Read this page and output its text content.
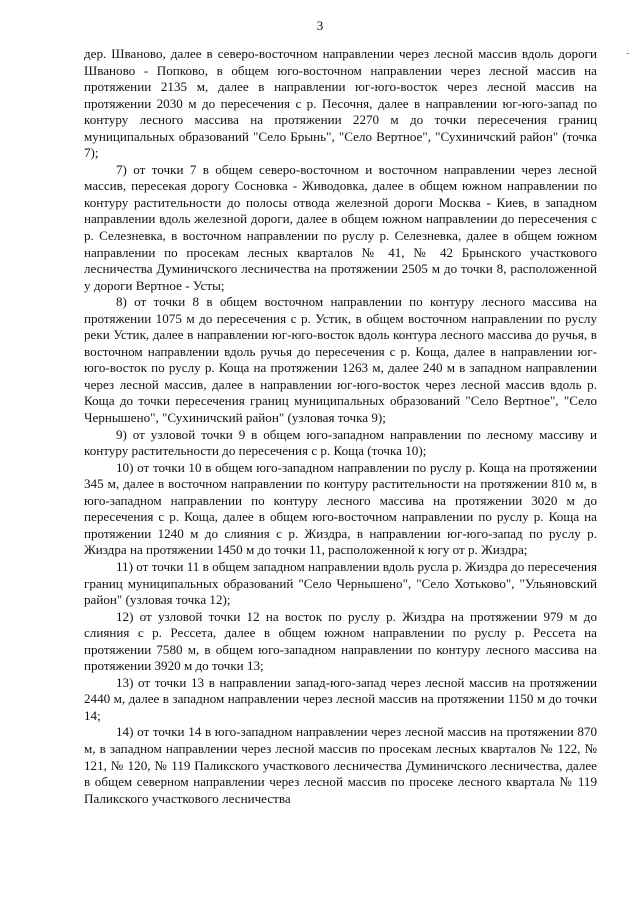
3
-

дер. Шваново, далее в северо-восточном направлении через лесной массив вдоль дороги Шваново - Попково, в общем юго-восточном направлении через лесной массив на протяжении 2135 м, далее в направлении юг-юго-восток через лесной массив на протяжении 2030 м до пересечения с р. Песочня, далее в направлении юг-юго-запад по контуру лесного массива на протяжении 2270 м до точки пересечения границ муниципальных образований "Село Брынь", "Село Вертное", "Сухиничский район" (точка 7);

7) от точки 7 в общем северо-восточном и восточном направлении через лесной массив, пересекая дорогу Сосновка - Живодовка, далее в общем южном направлении по контуру растительности до полосы отвода железной дороги Москва - Киев, в западном направлении вдоль железной дороги, далее в общем южном направлении до пересечения с р. Селезневка, в восточном направлении по руслу р. Селезневка, далее в общем южном направлении по просекам лесных кварталов № 41, № 42 Брынского участкового лесничества Думиничского лесничества на протяжении 2505 м до точки 8, расположенной у дороги Вертное - Усты;

8) от точки 8 в общем восточном направлении по контуру лесного массива на протяжении 1075 м до пересечения с р. Устик, в общем восточном направлении по руслу реки Устик, далее в направлении юг-юго-восток вдоль контура лесного массива до ручья, в восточном направлении вдоль ручья до пересечения с р. Коща, далее в направлении юг-юго-восток по руслу р. Коща на протяжении 1263 м, далее 240 м в западном направлении через лесной массив, далее в направлении юг-юго-восток через лесной массив вдоль р. Коща до точки пересечения границ муниципальных образований "Село Вертное", "Село Чернышено", "Сухиничский район" (узловая точка 9);

9) от узловой точки 9 в общем юго-западном направлении по лесному массиву и контуру растительности до пересечения с р. Коща (точка 10);

10) от точки 10 в общем юго-западном направлении по руслу р. Коща на протяжении 345 м, далее в восточном направлении по контуру растительности на протяжении 810 м, в юго-западном направлении по контуру лесного массива на протяжении 3020 м до пересечения с р. Коща, далее в общем юго-восточном направлении по руслу р. Коща на протяжении 1240 м до слияния с р. Жиздра, в направлении юг-юго-запад по руслу р. Жиздра на протяжении 1450 м до точки 11, расположенной к югу от р. Жиздра;

11) от точки 11 в общем западном направлении вдоль русла р. Жиздра до пересечения границ муниципальных образований "Село Чернышено", "Село Хотьково", "Ульяновский район" (узловая точка 12);

12) от узловой точки 12 на восток по руслу р. Жиздра на протяжении 979 м до слияния с р. Рессета, далее в общем южном направлении по руслу р. Рессета на протяжении 7580 м, в общем юго-западном направлении по контуру лесного массива на протяжении 3920 м до точки 13;

13) от точки 13 в направлении запад-юго-запад через лесной массив на протяжении 2440 м, далее в западном направлении через лесной массив на протяжении 1150 м до точки 14;

14) от точки 14 в юго-западном направлении через лесной массив на протяжении 870 м, в западном направлении через лесной массив по просекам лесных кварталов № 122, № 121, № 120, № 119 Паликского участкового лесничества Думиничского лесничества, далее в общем северном направлении через лесной массив по просеке лесного квартала № 119 Паликского участкового лесничества
